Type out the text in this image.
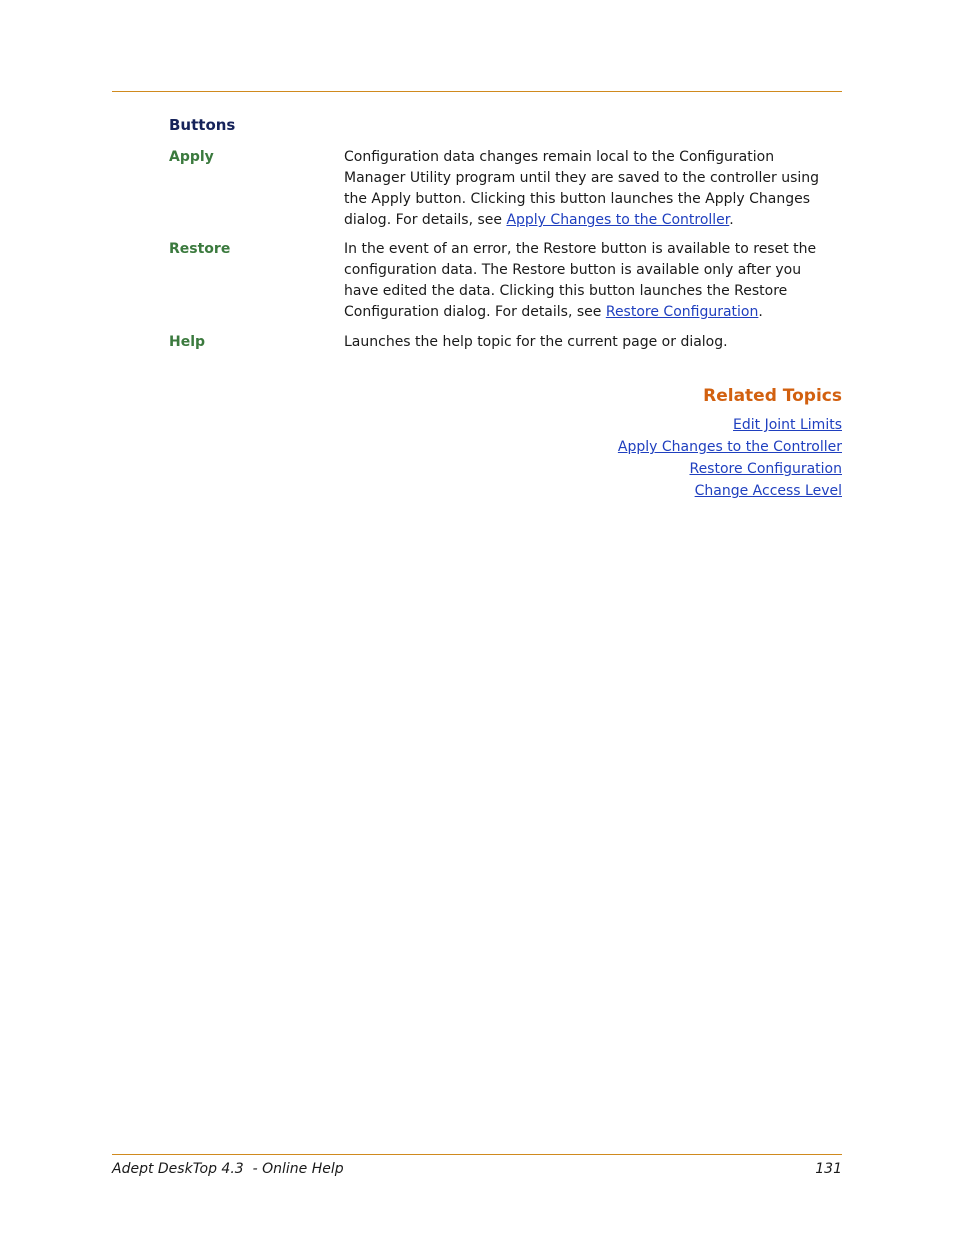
Buttons
Apply	Configuration data changes remain local to the Configuration Manager Utility program until they are saved to the controller using the Apply button. Clicking this button launches the Apply Changes dialog. For details, see Apply Changes to the Controller.
Restore	In the event of an error, the Restore button is available to reset the configuration data. The Restore button is available only after you have edited the data. Clicking this button launches the Restore Configuration dialog. For details, see Restore Configuration.
Help	Launches the help topic for the current page or dialog.
Related Topics
Edit Joint Limits
Apply Changes to the Controller
Restore Configuration
Change Access Level
Adept DeskTop 4.3  - Online Help	131
